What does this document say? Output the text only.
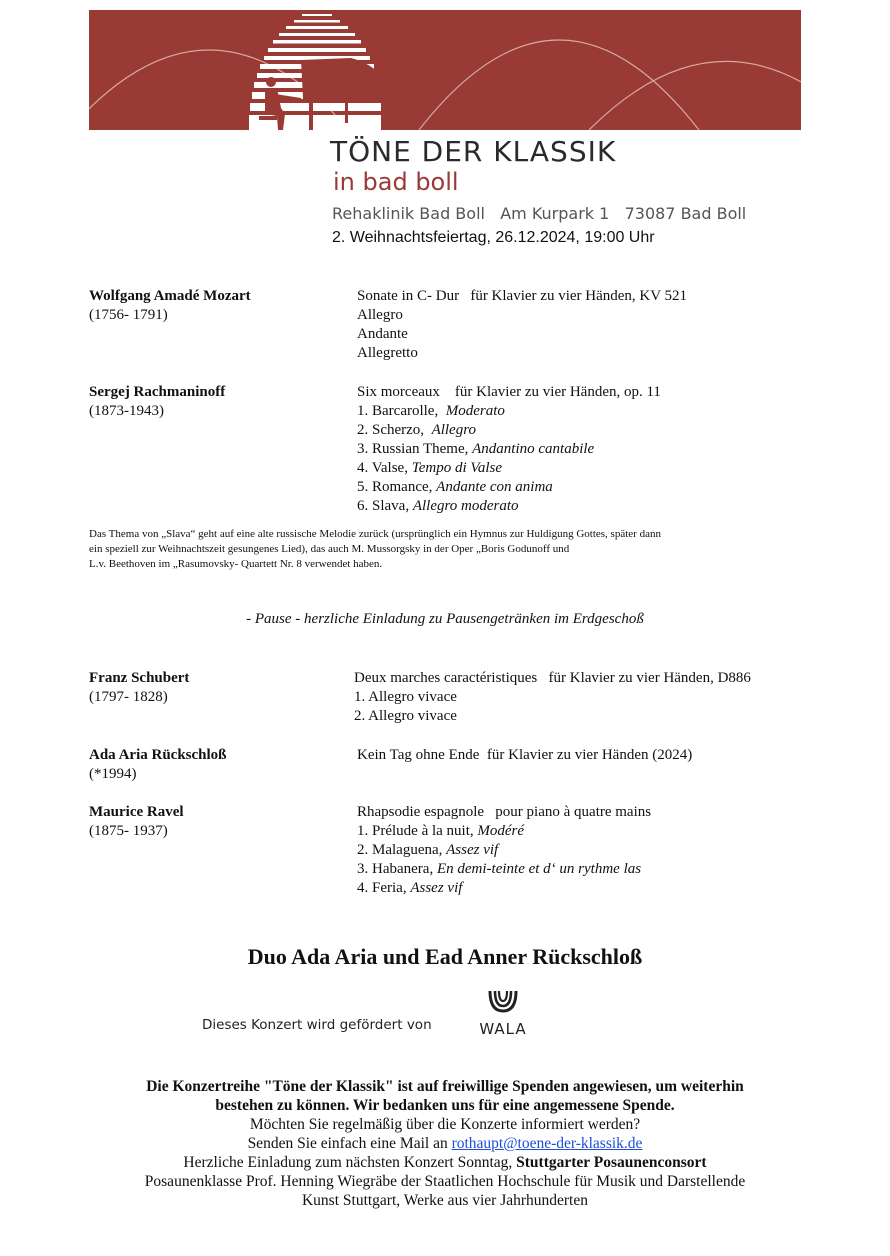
TÖNE DER KLASSIK
in bad boll
Rehaklinik Bad Boll   Am Kurpark 1   73087 Bad Boll
2. Weihnachtsfeiertag, 26.12.2024, 19:00 Uhr
Wolfgang Amadé Mozart
(1756- 1791)
Sonate in C- Dur   für Klavier zu vier Händen, KV 521
Allegro
Andante
Allegretto
Sergej Rachmaninoff
(1873-1943)
Six morceaux    für Klavier zu vier Händen, op. 11
1. Barcarolle,  Moderato
2. Scherzo,  Allegro
3. Russian Theme, Andantino cantabile
4. Valse, Tempo di Valse
5. Romance, Andante con anima
6. Slava, Allegro moderato
Das Thema von „Slava“ geht auf eine alte russische Melodie zurück (ursprünglich ein Hymnus zur Huldigung Gottes, später dann
ein speziell zur Weihnachtszeit gesungenes Lied), das auch M. Mussorgsky in der Oper „Boris Godunoff und
L.v. Beethoven im „Rasumovsky- Quartett Nr. 8 verwendet haben.
- Pause - herzliche Einladung zu Pausengetränken im Erdgeschoß
Franz Schubert
(1797- 1828)
Deux marches caractéristiques   für Klavier zu vier Händen, D886
1. Allegro vivace
2. Allegro vivace
Ada Aria Rückschloß
(*1994)
Kein Tag ohne Ende  für Klavier zu vier Händen (2024)
Maurice Ravel
(1875- 1937)
Rhapsodie espagnole   pour piano à quatre mains
1. Prélude à la nuit, Modéré
2. Malaguena, Assez vif
3. Habanera, En demi-teinte et d‘ un rythme las
4. Feria, Assez vif
Duo Ada Aria und Ead Anner Rückschloß
Dieses Konzert wird gefördert von	WALA
Die Konzertreihe "Töne der Klassik" ist auf freiwillige Spenden angewiesen, um weiterhin
bestehen zu können. Wir bedanken uns für eine angemessene Spende.
Möchten Sie regelmäßig über die Konzerte informiert werden?
Senden Sie einfach eine Mail an rothaupt@toene-der-klassik.de
Herzliche Einladung zum nächsten Konzert Sonntag, Stuttgarter Posaunenconsort
Posaunenklasse Prof. Henning Wiegräbe der Staatlichen Hochschule für Musik und Darstellende
Kunst Stuttgart, Werke aus vier Jahrhunderten
